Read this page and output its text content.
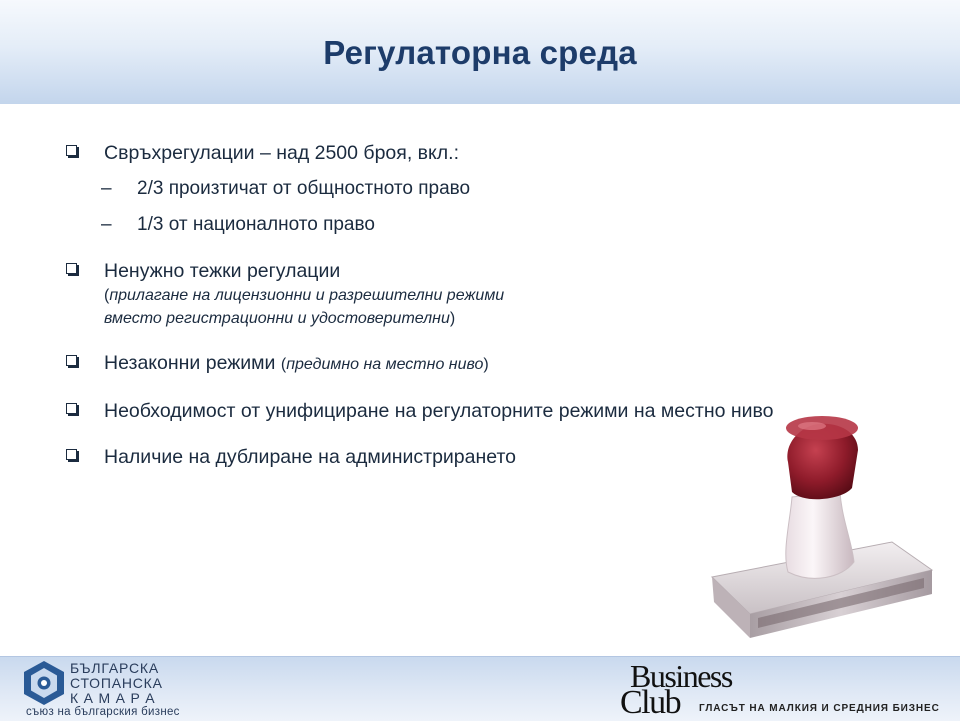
Регулаторна среда
Свръхрегулации – над 2500 броя, вкл.:
– 2/3 произтичат от общностното право
– 1/3 от националното право
Ненужно тежки регулации
(прилагане на лицензионни и разрешителни режими
вместо регистрационни и удостоверителни)
Незаконни режими (предимно на местно ниво)
Необходимост от унифициране на регулаторните режими на местно ниво
Наличие на дублиране на администрирането
БЪЛГАРСКА
СТОПАНСКА
К А М А Р А
съюз на българския бизнес
Business
Club ГЛАСЪТ НА МАЛКИЯ И СРЕДНИЯ БИЗНЕС
